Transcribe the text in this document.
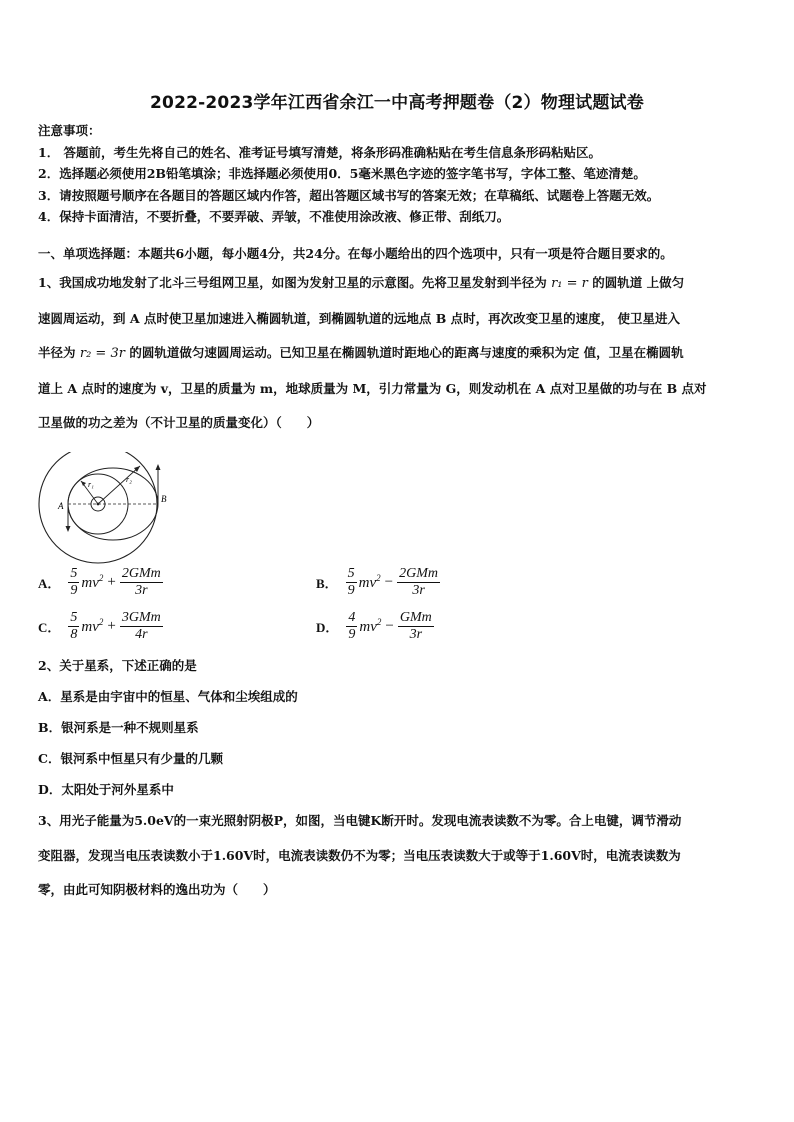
2022-2023学年江西省余江一中高考押题卷（2）物理试题试卷
注意事项：
1． 答题前，考生先将自己的姓名、准考证号填写清楚，将条形码准确粘贴在考生信息条形码粘贴区。
2．选择题必须使用2B铅笔填涂；非选择题必须使用0．5毫米黑色字迹的签字笔书写，字体工整、笔迹清楚。
3．请按照题号顺序在各题目的答题区域内作答，超出答题区域书写的答案无效；在草稿纸、试题卷上答题无效。
4．保持卡面清洁，不要折叠，不要弄破、弄皱，不准使用涂改液、修正带、刮纸刀。
一、单项选择题：本题共6小题，每小题4分，共24分。在每小题给出的四个选项中，只有一项是符合题目要求的。
1、我国成功地发射了北斗三号组网卫星，如图为发射卫星的示意图。先将卫星发射到半径为 r₁ = r 的圆轨道 上做匀
速圆周运动，到 A 点时使卫星加速进入椭圆轨道，到椭圆轨道的远地点 B 点时，再次改变卫星的速度， 使卫星进入
半径为 r₂ = 3r 的圆轨道做匀速圆周运动。已知卫星在椭圆轨道时距地心的距离与速度的乘积为定 值，卫星在椭圆轨
道上 A 点时的速度为 v，卫星的质量为 m，地球质量为 M，引力常量为 G，则发动机在 A 点对卫星做的功与在 B 点对
卫星做的功之差为（不计卫星的质量变化）（　　）
r₁
r₂
A
B
A． $\frac{5}{9} mv^2 + \frac{\text{2GMm}}{3r}$	B． $\frac{5}{9} mv^2 - \frac{\text{2GMm}}{3r}$
C． $\frac{5}{8} mv^2 + \frac{\text{3GMm}}{4r}$	D． $\frac{4}{9} mv^2 - \frac{\text{GMm}}{3r}$
2、关于星系，下述正确的是
A．星系是由宇宙中的恒星、气体和尘埃组成的
B．银河系是一种不规则星系
C．银河系中恒星只有少量的几颗
D．太阳处于河外星系中
3、用光子能量为5.0eV的一束光照射阴极P，如图，当电键K断开时。发现电流表读数不为零。合上电键，调节滑动
变阻器，发现当电压表读数小于1.60V时，电流表读数仍不为零；当电压表读数大于或等于1.60V时，电流表读数为
零，由此可知阴极材料的逸出功为（　　）
